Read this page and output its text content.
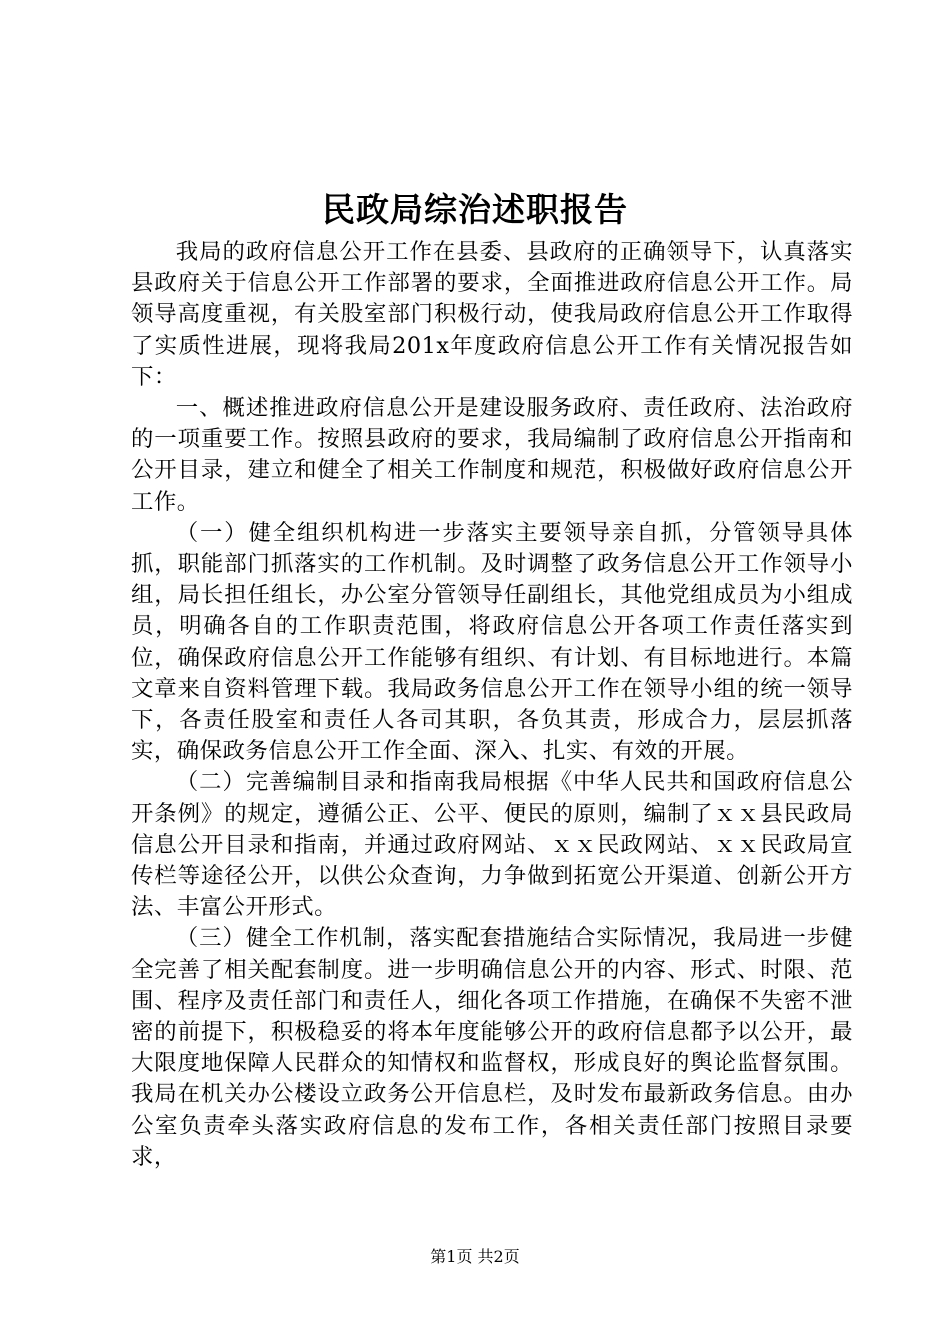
民政局综治述职报告

我局的政府信息公开工作在县委、县政府的正确领导下，认真落实县政府关于信息公开工作部署的要求，全面推进政府信息公开工作。局领导高度重视，有关股室部门积极行动，使我局政府信息公开工作取得了实质性进展，现将我局201x年度政府信息公开工作有关情况报告如下：

一、概述推进政府信息公开是建设服务政府、责任政府、法治政府的一项重要工作。按照县政府的要求，我局编制了政府信息公开指南和公开目录，建立和健全了相关工作制度和规范，积极做好政府信息公开工作。

（一）健全组织机构进一步落实主要领导亲自抓，分管领导具体抓，职能部门抓落实的工作机制。及时调整了政务信息公开工作领导小组，局长担任组长，办公室分管领导任副组长，其他党组成员为小组成员，明确各自的工作职责范围，将政府信息公开各项工作责任落实到位，确保政府信息公开工作能够有组织、有计划、有目标地进行。本篇文章来自资料管理下载。我局政务信息公开工作在领导小组的统一领导下，各责任股室和责任人各司其职，各负其责，形成合力，层层抓落实，确保政务信息公开工作全面、深入、扎实、有效的开展。

（二）完善编制目录和指南我局根据《中华人民共和国政府信息公开条例》的规定，遵循公正、公平、便民的原则，编制了ｘｘ县民政局信息公开目录和指南，并通过政府网站、ｘｘ民政网站、ｘｘ民政局宣传栏等途径公开，以供公众查询，力争做到拓宽公开渠道、创新公开方法、丰富公开形式。

（三）健全工作机制，落实配套措施结合实际情况，我局进一步健全完善了相关配套制度。进一步明确信息公开的内容、形式、时限、范围、程序及责任部门和责任人，细化各项工作措施，在确保不失密不泄密的前提下，积极稳妥的将本年度能够公开的政府信息都予以公开，最大限度地保障人民群众的知情权和监督权，形成良好的舆论监督氛围。我局在机关办公楼设立政务公开信息栏，及时发布最新政务信息。由办公室负责牵头落实政府信息的发布工作，各相关责任部门按照目录要求，

第1页 共2页
